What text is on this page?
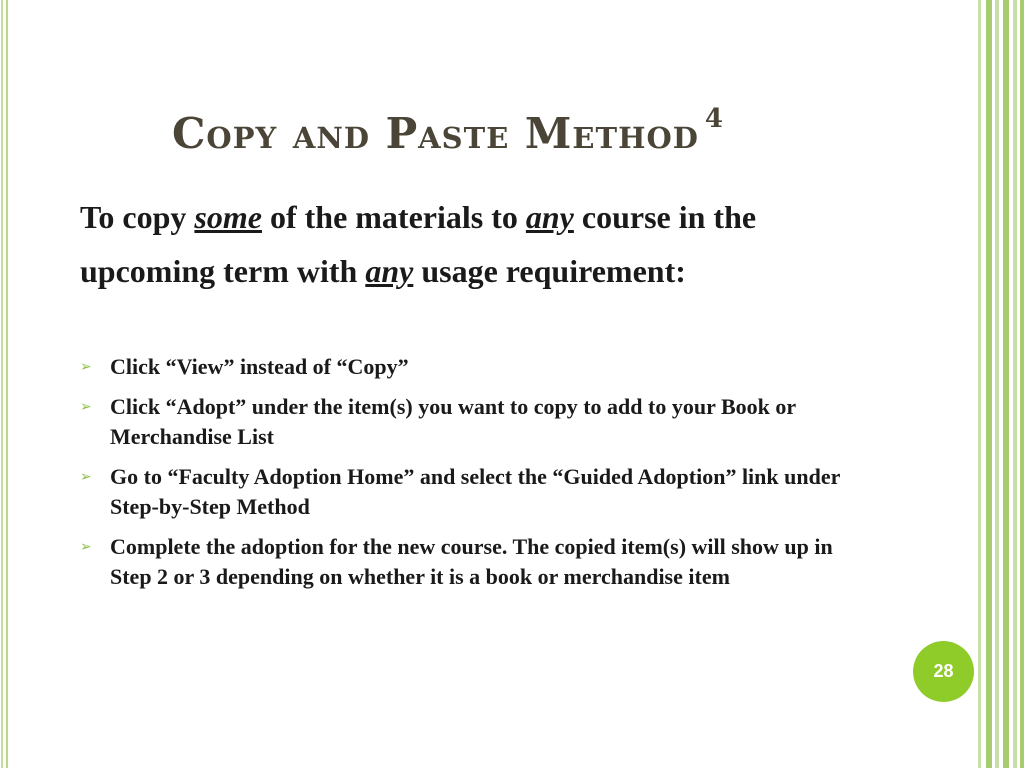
Copy and Paste Method $^4$

To copy some of the materials to any course in the upcoming term with any usage requirement:

➢ Click “View” instead of “Copy”
➢ Click “Adopt” under the item(s) you want to copy to add to your Book or Merchandise List
➢ Go to “Faculty Adoption Home” and select the “Guided Adoption” link under Step-by-Step Method
➢ Complete the adoption for the new course. The copied item(s) will show up in Step 2 or 3 depending on whether it is a book or merchandise item
28
